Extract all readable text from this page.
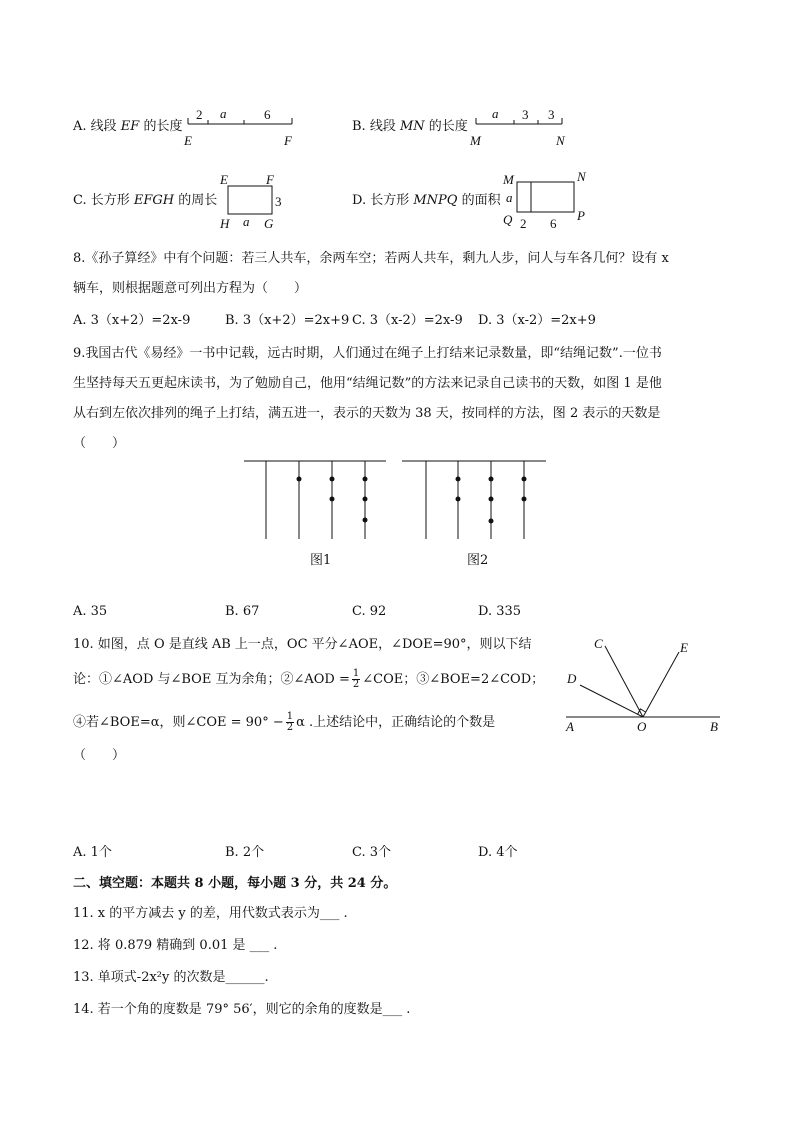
A. 线段 EF 的长度
2 a	6
E	F
B. 线段 MN 的长度
a 3 3
M	N
C. 长方形 EFGH 的周长
E	F
H a G
3	D. 长方形 MNPQ 的面积
M	N
a
Q 2 6
P
8.《孙子算经》中有个问题：若三人共车，余两车空；若两人共车，剩九人步，问人与车各几何？设有 x
辆车，则根据题意可列出方程为（　　）
A. 3（x+2）=2x-9	B. 3（x+2）=2x+9 C. 3（x-2）=2x-9 D. 3（x-2）=2x+9
9.我国古代《易经》一书中记载，远古时期，人们通过在绳子上打结来记录数量，即“结绳记数”.一位书
生坚持每天五更起床读书，为了勉励自己，他用“结绳记数”的方法来记录自己读书的天数，如图 1 是他
从右到左依次排列的绳子上打结，满五进一，表示的天数为 38 天，按同样的方法，图 2 表示的天数是
（　　）
图1	图2
A. 35	B. 67	C. 92	D. 335
10. 如图，点 O 是直线 AB 上一点，OC 平分∠AOE，∠DOE=90°，则以下结
论：①∠AOD 与∠BOE 互为余角；②∠AOD = $\frac{1}{2}$ ∠COE；③∠BOE=2∠COD；
④若∠BOE=α，则∠COE = $90^\circ - \frac{1}{2}$ α .上述结论中，正确结论的个数是
（　　）
C	E
D
A	O	B
A. 1个	B. 2个	C. 3个	D. 4个
二、填空题：本题共 8 小题，每小题 3 分，共 24 分。
11. x 的平方减去 y 的差，用代数式表示为___ .
12. 将 0.879 精确到 0.01 是 ___ .
13. 单项式-2x²y 的次数是______.
14. 若一个角的度数是 79° 56′，则它的余角的度数是___ .
